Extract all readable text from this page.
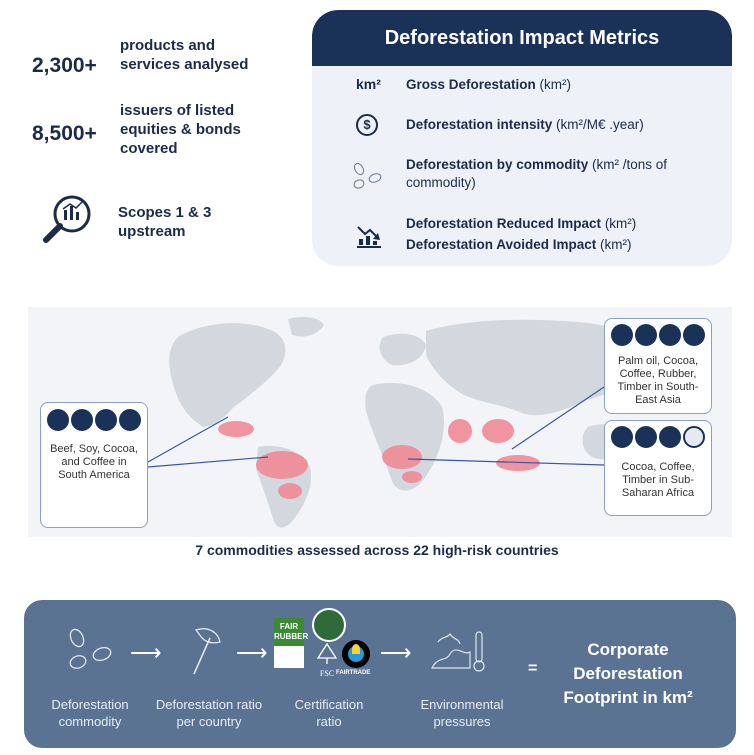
2,300+
products and services analysed
8,500+
issuers of listed equities & bonds covered
Scopes 1 & 3 upstream
Deforestation Impact Metrics
km² Gross Deforestation (km²)
$	Deforestation intensity (km²/M€ .year)
Deforestation by commodity (km² /tons of commodity)
Deforestation Reduced Impact (km²)
Deforestation Avoided Impact (km²)
Beef, Soy, Cocoa, and Coffee in South America
Palm oil, Cocoa, Coffee, Rubber, Timber in South-East Asia
Cocoa, Coffee, Timber in Sub-Saharan Africa
7 commodities assessed across 22 high-risk countries
Deforestation commodity
⟶
Deforestation ratio per country
⟶
FAIR
RUBBER
FSC FAIRTRADE
Certification ratio
⟶
Environmental pressures
=
Corporate Deforestation Footprint in km²
